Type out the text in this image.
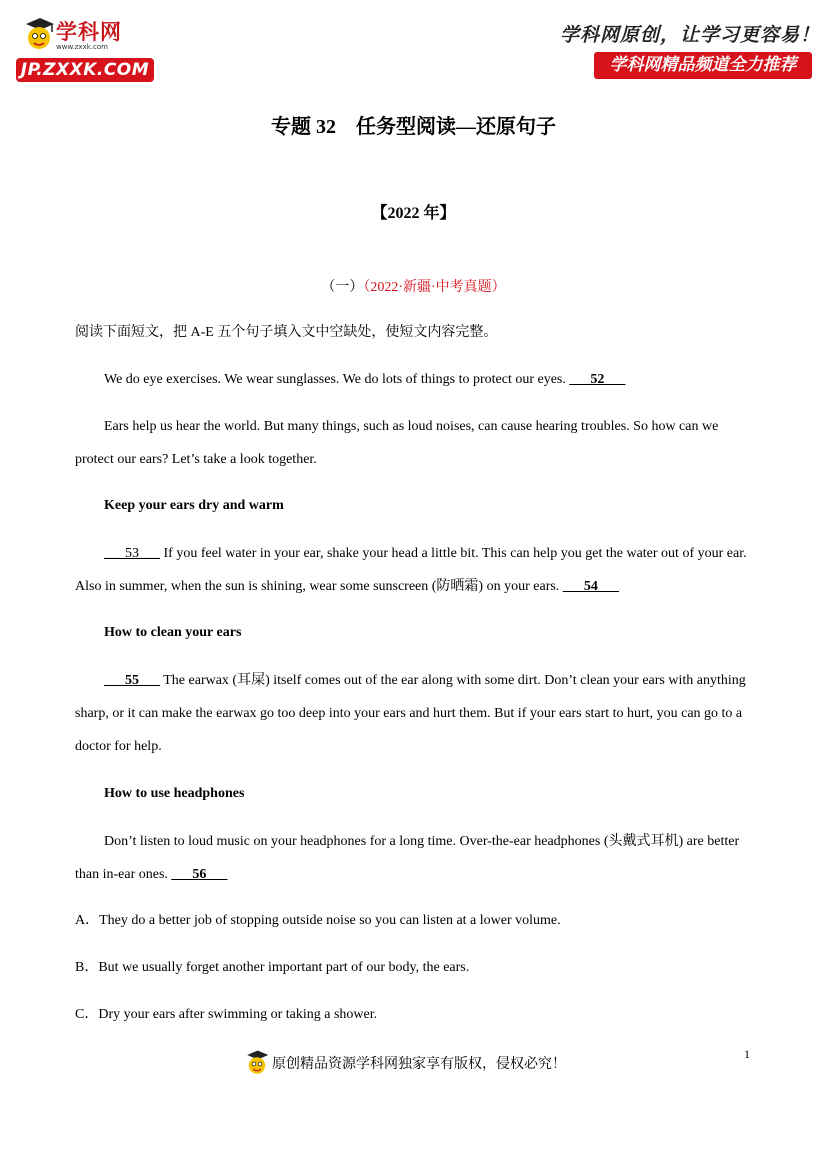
学科网
www.zxxk.com
JP.ZXXK.COM
学科网原创，让学习更容易！
学科网精品频道全力推荐
专题 32　任务型阅读—还原句子
【2022 年】
（一）（2022·新疆·中考真题）
阅读下面短文，把 A-E 五个句子填入文中空缺处，使短文内容完整。
We do eye exercises. We wear sunglasses. We do lots of things to protect our eyes. ___52___
Ears help us hear the world. But many things, such as loud noises, can cause hearing troubles. So how can we protect our ears? Let’s take a look together.
Keep your ears dry and warm
___53___ If you feel water in your ear, shake your head a little bit. This can help you get the water out of your ear. Also in summer, when the sun is shining, wear some sunscreen (防晒霜) on your ears. ___54___
How to clean your ears
___55___ The earwax (耳屎) itself comes out of the ear along with some dirt. Don’t clean your ears with anything sharp, or it can make the earwax go too deep into your ears and hurt them. But if your ears start to hurt, you can go to a doctor for help.
How to use headphones
Don’t listen to loud music on your headphones for a long time. Over-the-ear headphones (头戴式耳机) are better than in-ear ones. ___56___
A．They do a better job of stopping outside noise so you can listen at a lower volume.
B．But we usually forget another important part of our body, the ears.
C．Dry your ears after swimming or taking a shower.
原创精品资源学科网独家享有版权，侵权必究！
1
